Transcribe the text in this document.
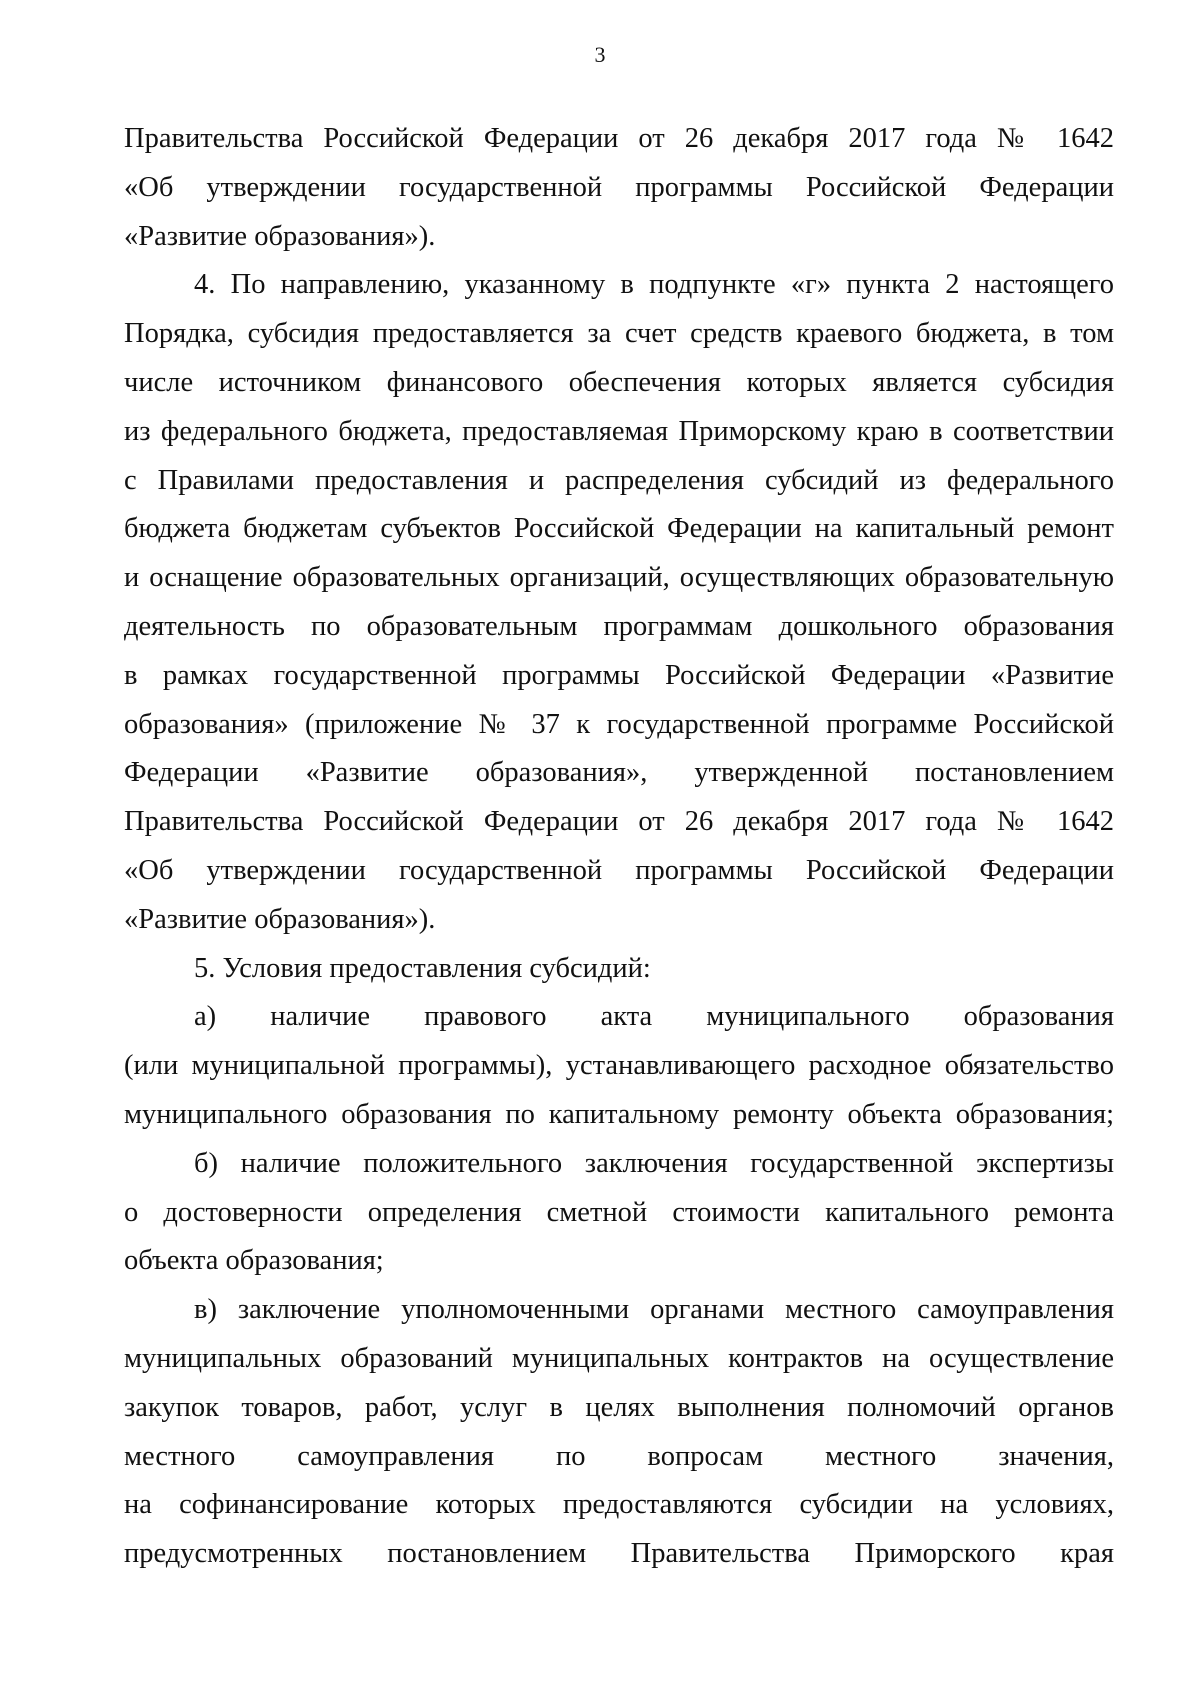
3
Правительства Российской Федерации от 26 декабря 2017 года № 1642
«Об утверждении государственной программы Российской Федерации
«Развитие образования»).
4. По направлению, указанному в подпункте «г» пункта 2 настоящего
Порядка, субсидия предоставляется за счет средств краевого бюджета, в том
числе источником финансового обеспечения которых является субсидия
из федерального бюджета, предоставляемая Приморскому краю в соответствии
с Правилами предоставления и распределения субсидий из федерального
бюджета бюджетам субъектов Российской Федерации на капитальный ремонт
и оснащение образовательных организаций, осуществляющих образовательную
деятельность по образовательным программам дошкольного образования
в рамках государственной программы Российской Федерации «Развитие
образования» (приложение № 37 к государственной программе Российской
Федерации «Развитие образования», утвержденной постановлением
Правительства Российской Федерации от 26 декабря 2017 года № 1642
«Об утверждении государственной программы Российской Федерации
«Развитие образования»).
5. Условия предоставления субсидий:
а) наличие правового акта муниципального образования
(или муниципальной программы), устанавливающего расходное обязательство
муниципального образования по капитальному ремонту объекта образования;
б) наличие положительного заключения государственной экспертизы
о достоверности определения сметной стоимости капитального ремонта
объекта образования;
в) заключение уполномоченными органами местного самоуправления
муниципальных образований муниципальных контрактов на осуществление
закупок товаров, работ, услуг в целях выполнения полномочий органов
местного самоуправления по вопросам местного значения,
на софинансирование которых предоставляются субсидии на условиях,
предусмотренных постановлением Правительства Приморского края
